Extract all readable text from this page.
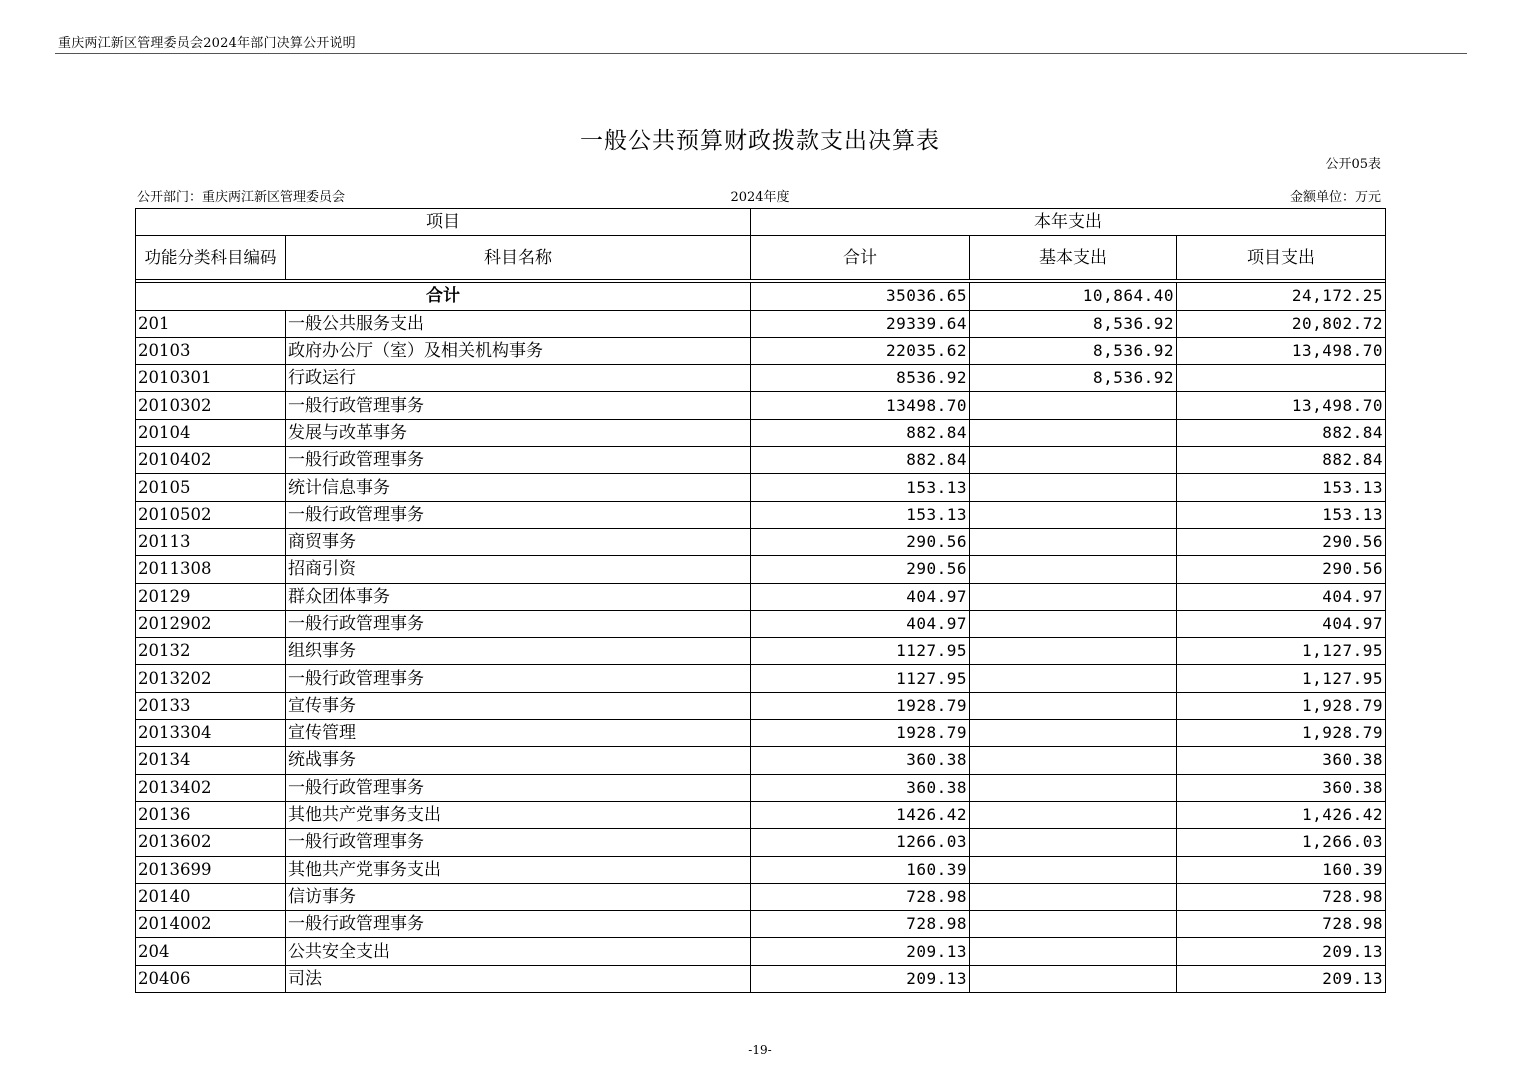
重庆两江新区管理委员会2024年部门决算公开说明
一般公共预算财政拨款支出决算表
公开05表
公开部门：重庆两江新区管理委员会	2024年度	金额单位：万元
项目		本年支出		
功能分类科目编码	科目名称	合计	基本支出	项目支出

合计		35036.65	10,864.40	24,172.25
201	一般公共服务支出	29339.64	8,536.92	20,802.72
20103	政府办公厅（室）及相关机构事务	22035.62	8,536.92	13,498.70
2010301	行政运行	8536.92	8,536.92	
2010302	一般行政管理事务	13498.70		13,498.70
20104	发展与改革事务	882.84		882.84
2010402	一般行政管理事务	882.84		882.84
20105	统计信息事务	153.13		153.13
2010502	一般行政管理事务	153.13		153.13
20113	商贸事务	290.56		290.56
2011308	招商引资	290.56		290.56
20129	群众团体事务	404.97		404.97
2012902	一般行政管理事务	404.97		404.97
20132	组织事务	1127.95		1,127.95
2013202	一般行政管理事务	1127.95		1,127.95
20133	宣传事务	1928.79		1,928.79
2013304	宣传管理	1928.79		1,928.79
20134	统战事务	360.38		360.38
2013402	一般行政管理事务	360.38		360.38
20136	其他共产党事务支出	1426.42		1,426.42
2013602	一般行政管理事务	1266.03		1,266.03
2013699	其他共产党事务支出	160.39		160.39
20140	信访事务	728.98		728.98
2014002	一般行政管理事务	728.98		728.98
204	公共安全支出	209.13		209.13
20406	司法	209.13		209.13
-19-
